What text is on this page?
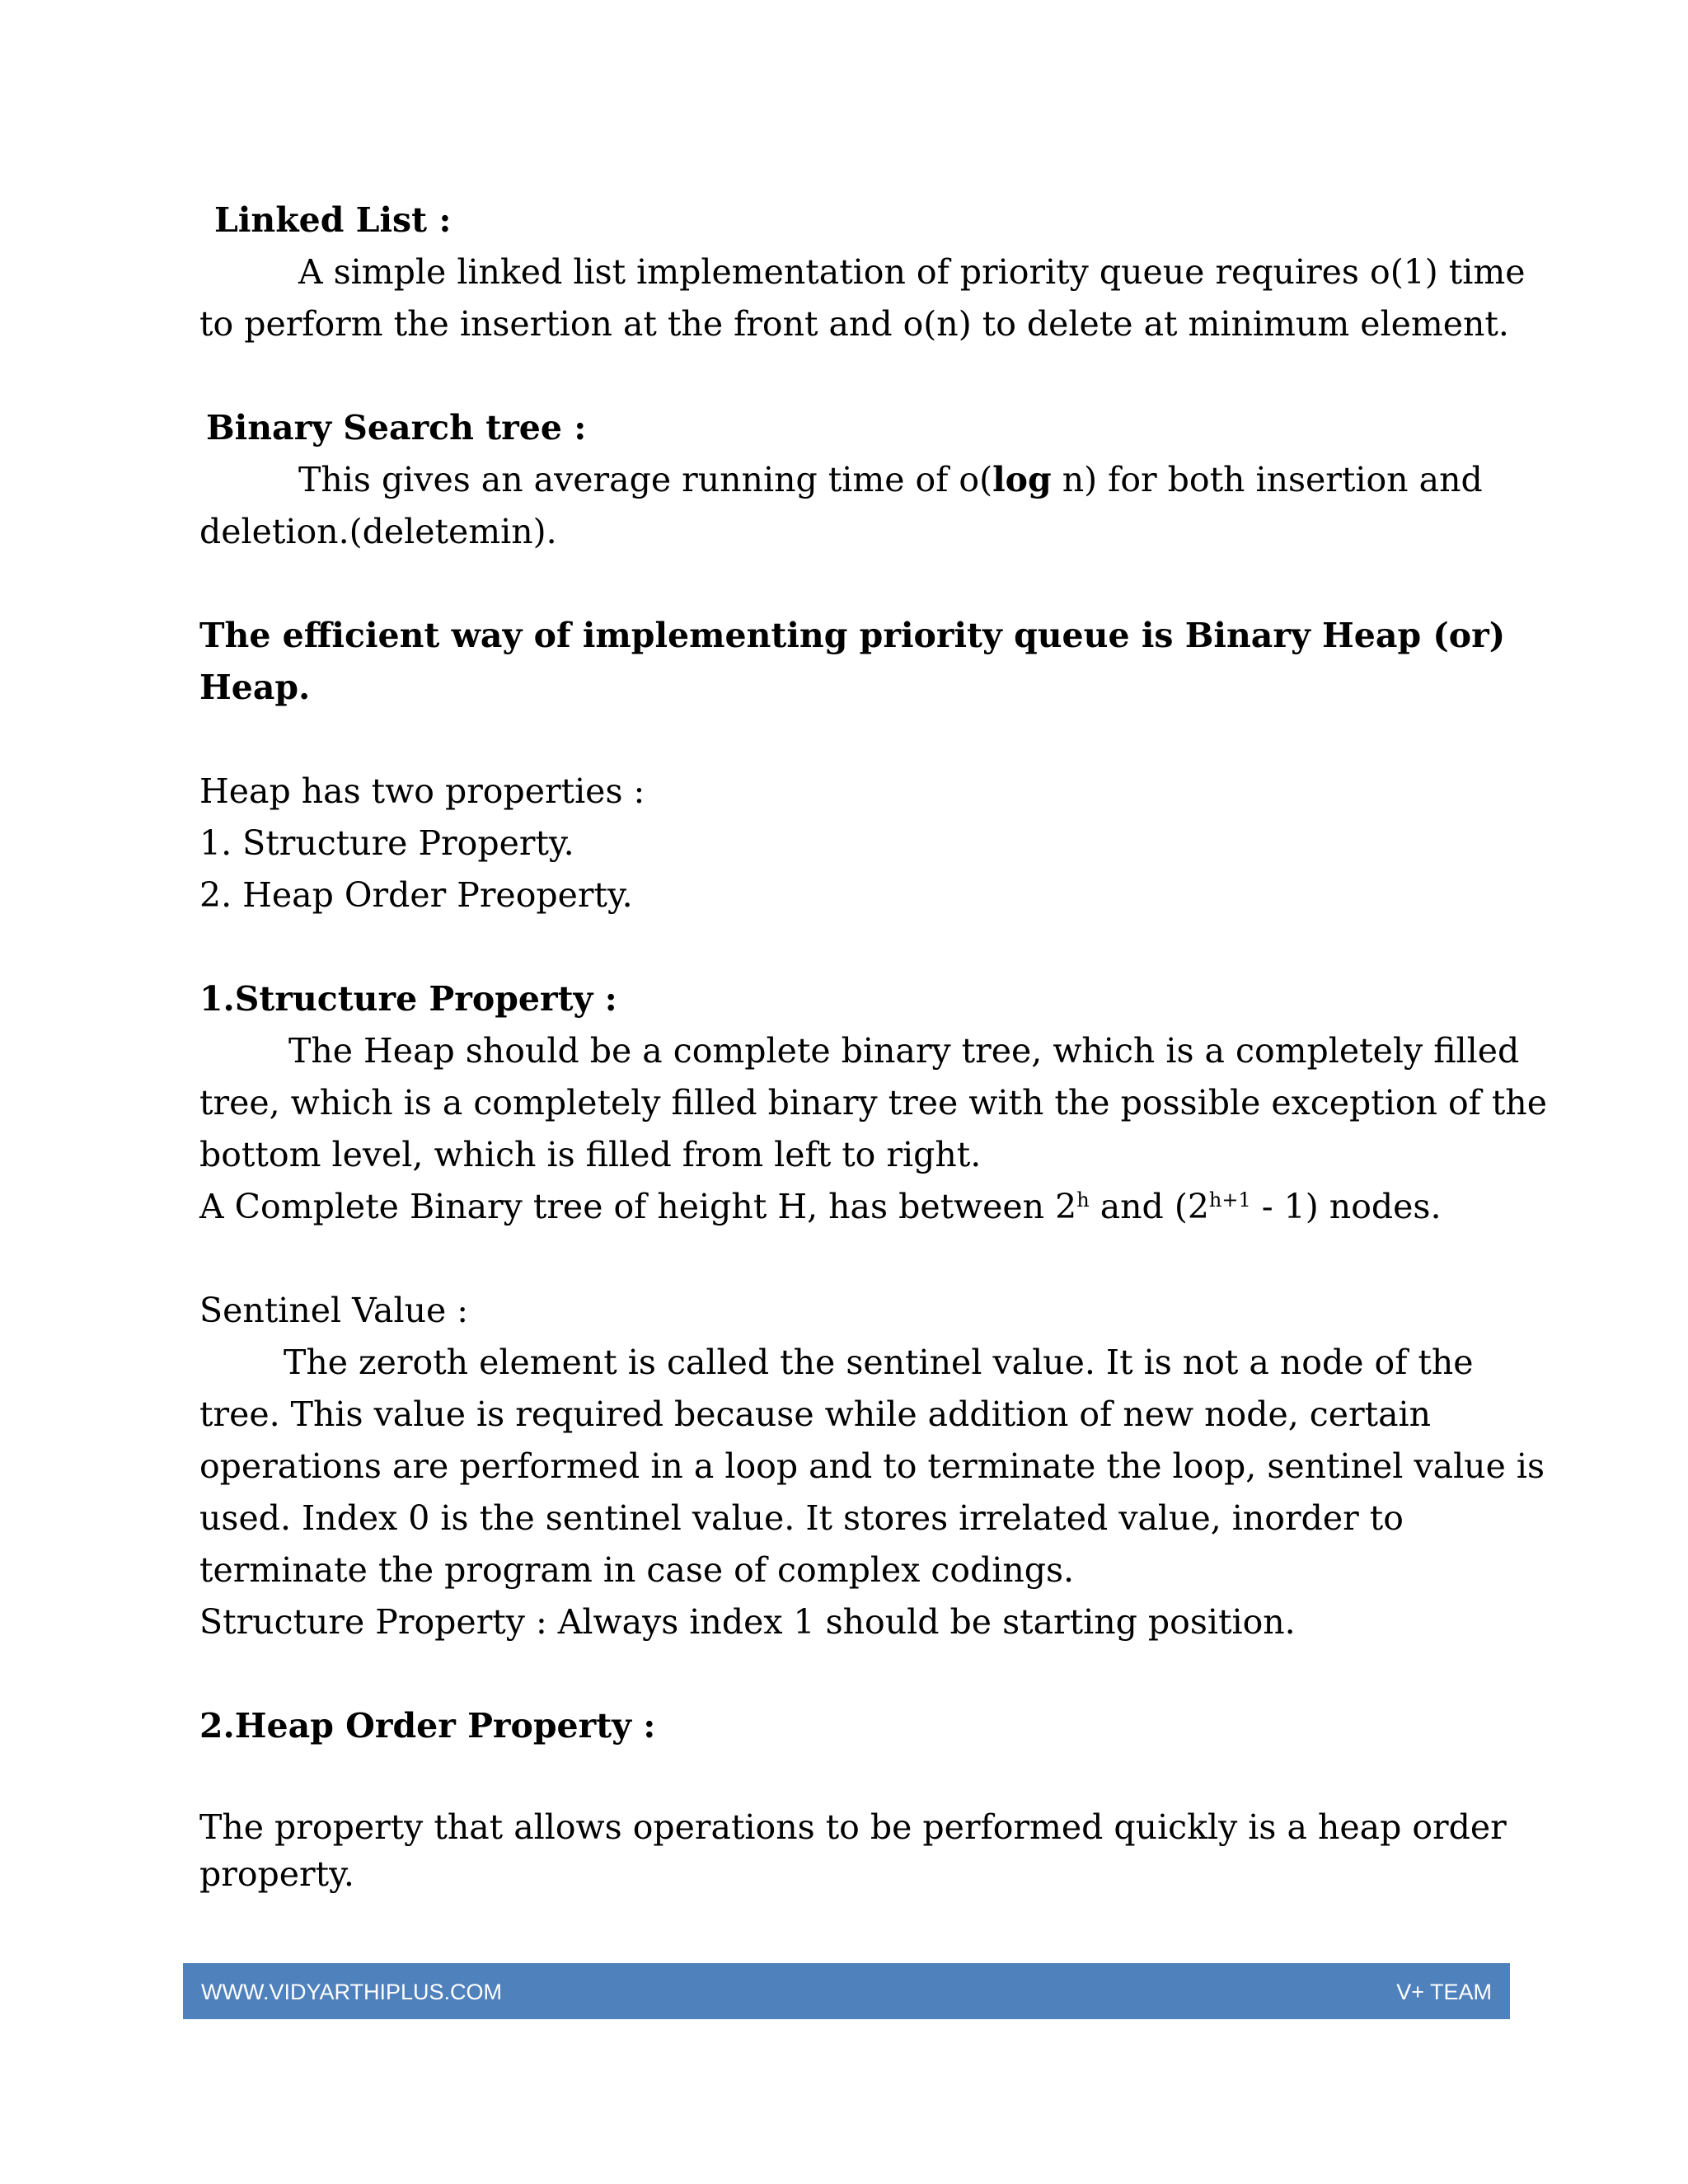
Linked List :

A simple linked list implementation of priority queue requires o(1) time

to perform the insertion at the front and o(n) to delete at minimum element.

Binary Search tree :

This gives an average running time of o(log n) for both insertion and

deletion.(deletemin).

The efficient way of implementing priority queue is Binary Heap (or)

Heap.

Heap has two properties :

1. Structure Property.

2. Heap Order Preoperty.

1.Structure Property :

The Heap should be a complete binary tree, which is a completely filled

tree, which is a completely filled binary tree with the possible exception of the

bottom level, which is filled from left to right.

A Complete Binary tree of height H, has between 2$^h$ and $(2^{h+1} - 1)$ nodes.

Sentinel Value :

The zeroth element is called the sentinel value. It is not a node of the

tree. This value is required because while addition of new node, certain

operations are performed in a loop and to terminate the loop, sentinel value is

used. Index 0 is the sentinel value. It stores irrelated value, inorder to

terminate the program in case of complex codings.

Structure Property : Always index 1 should be starting position.

2.Heap Order Property :

The property that allows operations to be performed quickly is a heap order

property.

WWW.VIDYARTHIPLUS.COM	V+ TEAM
